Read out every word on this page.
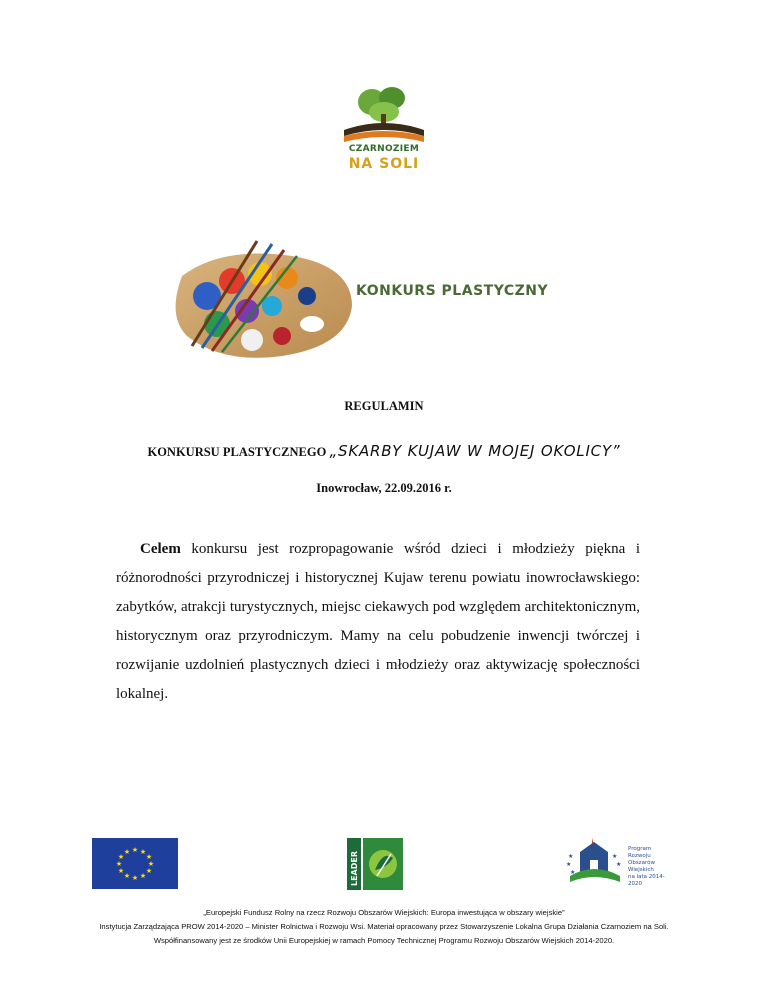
CZARNOZIEM
NA SOLI
KONKURS PLASTYCZNY
REGULAMIN
KONKURSU PLASTYCZNEGO „SKARBY KUJAW W MOJEJ OKOLICY”
Inowrocław, 22.09.2016 r.
Celem konkursu jest rozpropagowanie wśród dzieci i młodzieży piękna i różnorodności przyrodniczej i historycznej Kujaw terenu powiatu inowrocławskiego: zabytków, atrakcji turystycznych, miejsc ciekawych pod względem architektonicznym, historycznym oraz przyrodniczym. Mamy na celu pobudzenie inwencji twórczej i rozwijanie uzdolnień plastycznych dzieci i młodzieży oraz aktywizację społeczności lokalnej.
★ ★
★
★
★
★
★
★
★
★
★
★	LEADER	★
★
★
★
★
Program
Rozwoju
Obszarów
Wiejskich
na lata 2014-2020
„Europejski Fundusz Rolny na rzecz Rozwoju Obszarów Wiejskich: Europa inwestująca w obszary wiejskie”
Instytucja Zarządzająca PROW 2014-2020 – Minister Rolnictwa i Rozwoju Wsi. Materiał opracowany przez Stowarzyszenie Lokalna Grupa Działania Czarnoziem na Soli.
Współfinansowany jest ze środków Unii Europejskiej w ramach Pomocy Technicznej Programu Rozwoju Obszarów Wiejskich 2014-2020.
